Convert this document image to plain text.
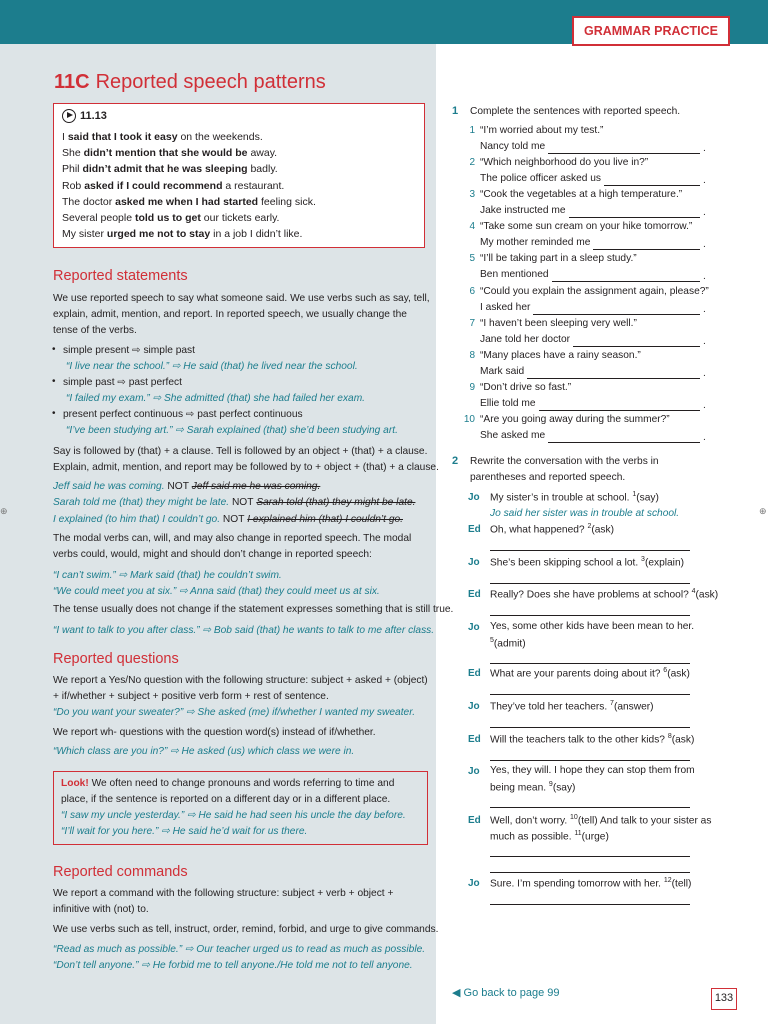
GRAMMAR PRACTICE
11C Reported speech patterns
11.13
I said that I took it easy on the weekends.
She didn’t mention that she would be away.
Phil didn’t admit that he was sleeping badly.
Rob asked if I could recommend a restaurant.
The doctor asked me when I had started feeling sick.
Several people told us to get our tickets early.
My sister urged me not to stay in a job I didn’t like.
Reported statements
We use reported speech to say what someone said. We use verbs such as say, tell,
explain, admit, mention, and report. In reported speech, we usually change the
tense of the verbs.
• simple present ⇨ simple past
“I live near the school.” ⇨ He said (that) he lived near the school.
• simple past ⇨ past perfect
“I failed my exam.” ⇨ She admitted (that) she had failed her exam.
• present perfect continuous ⇨ past perfect continuous
“I’ve been studying art.” ⇨ Sarah explained (that) she’d been studying art.
Say is followed by (that) + a clause. Tell is followed by an object + (that) + a clause.
Explain, admit, mention, and report may be followed by to + object + (that) + a clause.
Jeff said he was coming. NOT Jeff said me he was coming.
Sarah told me (that) they might be late. NOT Sarah told (that) they might be late.
I explained (to him that) I couldn’t go. NOT I explained him (that) I couldn’t go.
The modal verbs can, will, and may also change in reported speech. The modal
verbs could, would, might and should don’t change in reported speech:
“I can’t swim.” ⇨ Mark said (that) he couldn’t swim.
“We could meet you at six.” ⇨ Anna said (that) they could meet us at six.
The tense usually does not change if the statement expresses something that is still true.
“I want to talk to you after class.” ⇨ Bob said (that) he wants to talk to me after class.
Reported questions
We report a Yes/No question with the following structure: subject + asked + (object)
+ if/whether + subject + positive verb form + rest of sentence.
“Do you want your sweater?” ⇨ She asked (me) if/whether I wanted my sweater.
We report wh- questions with the question word(s) instead of if/whether.
“Which class are you in?” ⇨ He asked (us) which class we were in.
Look! We often need to change pronouns and words referring to time and
place, if the sentence is reported on a different day or in a different place.
“I saw my uncle yesterday.” ⇨ He said he had seen his uncle the day before.
“I’ll wait for you here.” ⇨ He said he’d wait for us there.
Reported commands
We report a command with the following structure: subject + verb + object +
infinitive with (not) to.
We use verbs such as tell, instruct, order, remind, forbid, and urge to give commands.
“Read as much as possible.” ⇨ Our teacher urged us to read as much as possible.
“Don’t tell anyone.” ⇨ He forbid me to tell anyone./He told me not to tell anyone.
1 Complete the sentences with reported speech.
1 “I’m worried about my test.”
.
2 “Which neighborhood do you live in?”
.
3 “Cook the vegetables at a high temperature.”
.
4 “Take some sun cream on your hike tomorrow.”
.
5 “I’ll be taking part in a sleep study.”
.
6 “Could you explain the assignment again, please?”
.
7 “I haven’t been sleeping very well.”
.
8 “Many places have a rainy season.”
.
9 “Don’t drive so fast.”
.
10 “Are you going away during the summer?”
.
2 Rewrite the conversation with the verbs in
parentheses and reported speech.
Jo My sister’s in trouble at school. $^1$(say)
Jo said her sister was in trouble at school.
Ed Oh, what happened? $^2$(ask)
Jo She’s been skipping school a lot. $^3$(explain)
Ed Really? Does she have problems at school? $^4$(ask)
Jo Yes, some other kids have been mean to her.
$^5$(admit)
Ed What are your parents doing about it? $^6$(ask)
Jo They’ve told her teachers. $^7$(answer)
Ed Will the teachers talk to the other kids? $^8$(ask)
Jo Yes, they will. I hope they can stop them from
being mean. $^9$(say)
Ed Well, don’t worry. $^{10}$(tell) And talk to your sister as
much as possible. $^{11}$(urge)
Jo Sure. I’m spending tomorrow with her. $^{12}$(tell)
◀ Go back to page 99	133
⊕	⊕
Nancy told me
The police officer asked us
Jake instructed me
My mother reminded me
Ben mentioned
I asked her
Jane told her doctor
Mark said
Ellie told me
She asked me
